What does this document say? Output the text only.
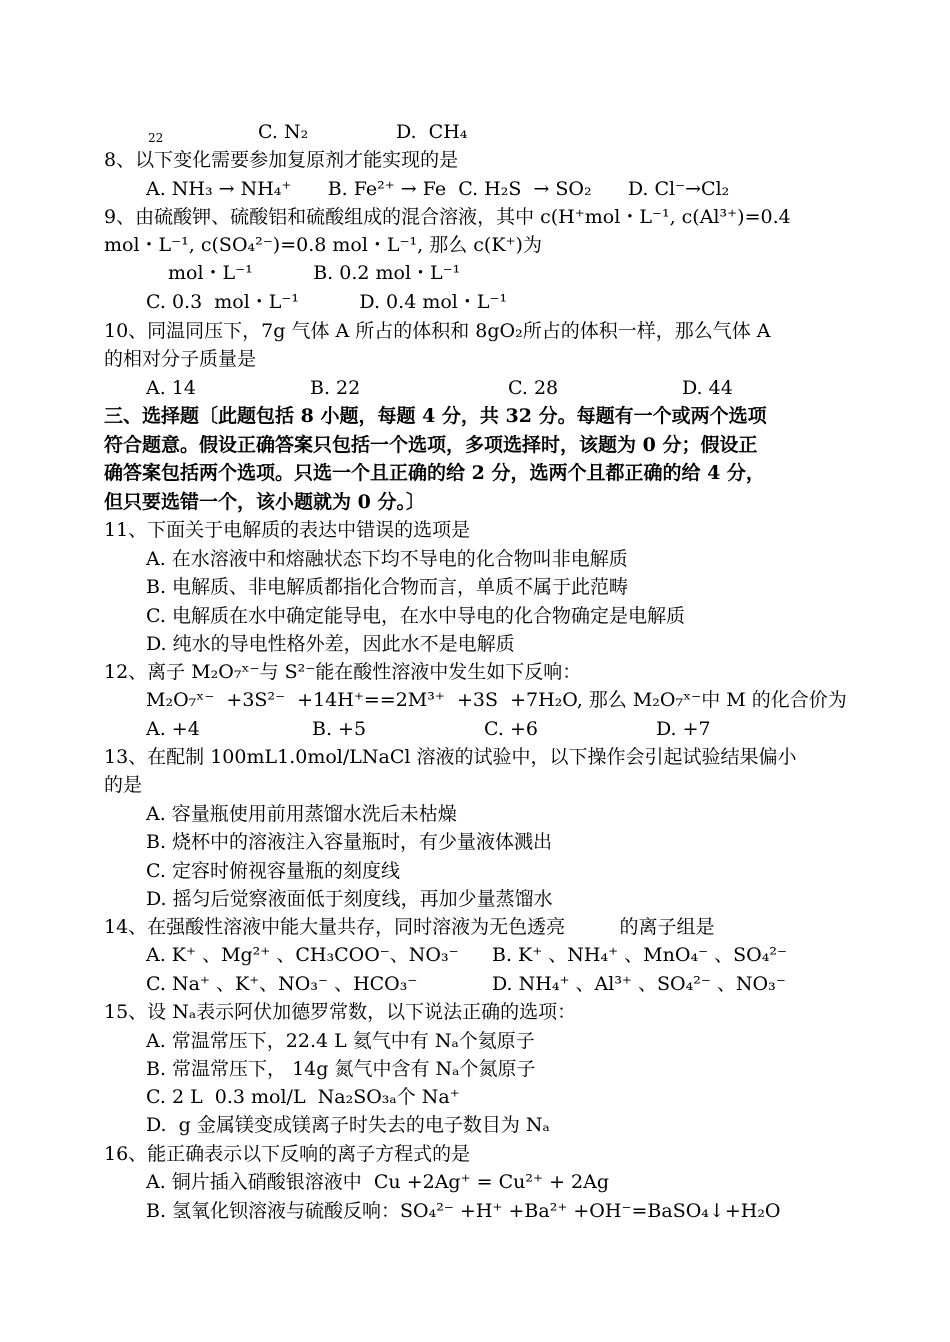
22	C. N₂	D.  CH₄
8、以下变化需要参加复原剂才能实现的是
A. NH₃ → NH₄⁺      B. Fe²⁺ → Fe  C. H₂S  → SO₂      D. Cl⁻→Cl₂
9、由硫酸钾、硫酸铝和硫酸组成的混合溶液，其中 c(H⁺mol・L⁻¹, c(Al³⁺)=0.4
mol・L⁻¹, c(SO₄²⁻)=0.8 mol・L⁻¹, 那么 c(K⁺)为
mol・L⁻¹          B. 0.2 mol・L⁻¹
C. 0.3  mol・L⁻¹          D. 0.4 mol・L⁻¹
10、同温同压下，7g 气体 A 所占的体积和 8gO₂所占的体积一样，那么气体 A
的相对分子质量是
A. 14	B. 22	C. 28	D. 44
三、选择题〔此题包括 8 小题，每题 4 分，共 32 分。每题有一个或两个选项
符合题意。假设正确答案只包括一个选项，多项选择时，该题为 0 分；假设正
确答案包括两个选项。只选一个且正确的给 2 分，选两个且都正确的给 4 分，
但只要选错一个，该小题就为 0 分。〕
11、下面关于电解质的表达中错误的选项是
A. 在水溶液中和熔融状态下均不导电的化合物叫非电解质
B. 电解质、非电解质都指化合物而言，单质不属于此范畴
C. 电解质在水中确定能导电，在水中导电的化合物确定是电解质
D. 纯水的导电性格外差，因此水不是电解质
12、离子 M₂O₇ˣ⁻与 S²⁻能在酸性溶液中发生如下反响：
M₂O₇ˣ⁻  +3S²⁻  +14H⁺==2M³⁺  +3S  +7H₂O, 那么 M₂O₇ˣ⁻中 M 的化合价为
A. +4	B. +5	C. +6	D. +7
13、在配制 100mL1.0mol/LNaCl 溶液的试验中，以下操作会引起试验结果偏小
的是
A. 容量瓶使用前用蒸馏水洗后未枯燥
B. 烧杯中的溶液注入容量瓶时，有少量液体溅出
C. 定容时俯视容量瓶的刻度线
D. 摇匀后觉察液面低于刻度线，再加少量蒸馏水
14、在强酸性溶液中能大量共存，同时溶液为无色透亮         的离子组是
A. K⁺ 、Mg²⁺ 、CH₃COO⁻、NO₃⁻ B. K⁺ 、NH₄⁺ 、MnO₄⁻ 、SO₄²⁻
C. Na⁺ 、K⁺、NO₃⁻ 、HCO₃⁻	D. NH₄⁺ 、Al³⁺ 、SO₄²⁻ 、NO₃⁻
15、设 Nₐ表示阿伏加德罗常数，以下说法正确的选项：
A. 常温常压下，22.4 L 氦气中有 Nₐ个氦原子
B. 常温常压下， 14g 氮气中含有 Nₐ个氮原子
C. 2 L  0.3 mol/L  Na₂SO₃ₐ个 Na⁺
D.  g 金属镁变成镁离子时失去的电子数目为 Nₐ
16、能正确表示以下反响的离子方程式的是
A. 铜片插入硝酸银溶液中  Cu +2Ag⁺ = Cu²⁺ + 2Ag
B. 氢氧化钡溶液与硫酸反响：SO₄²⁻ +H⁺ +Ba²⁺ +OH⁻=BaSO₄↓+H₂O
